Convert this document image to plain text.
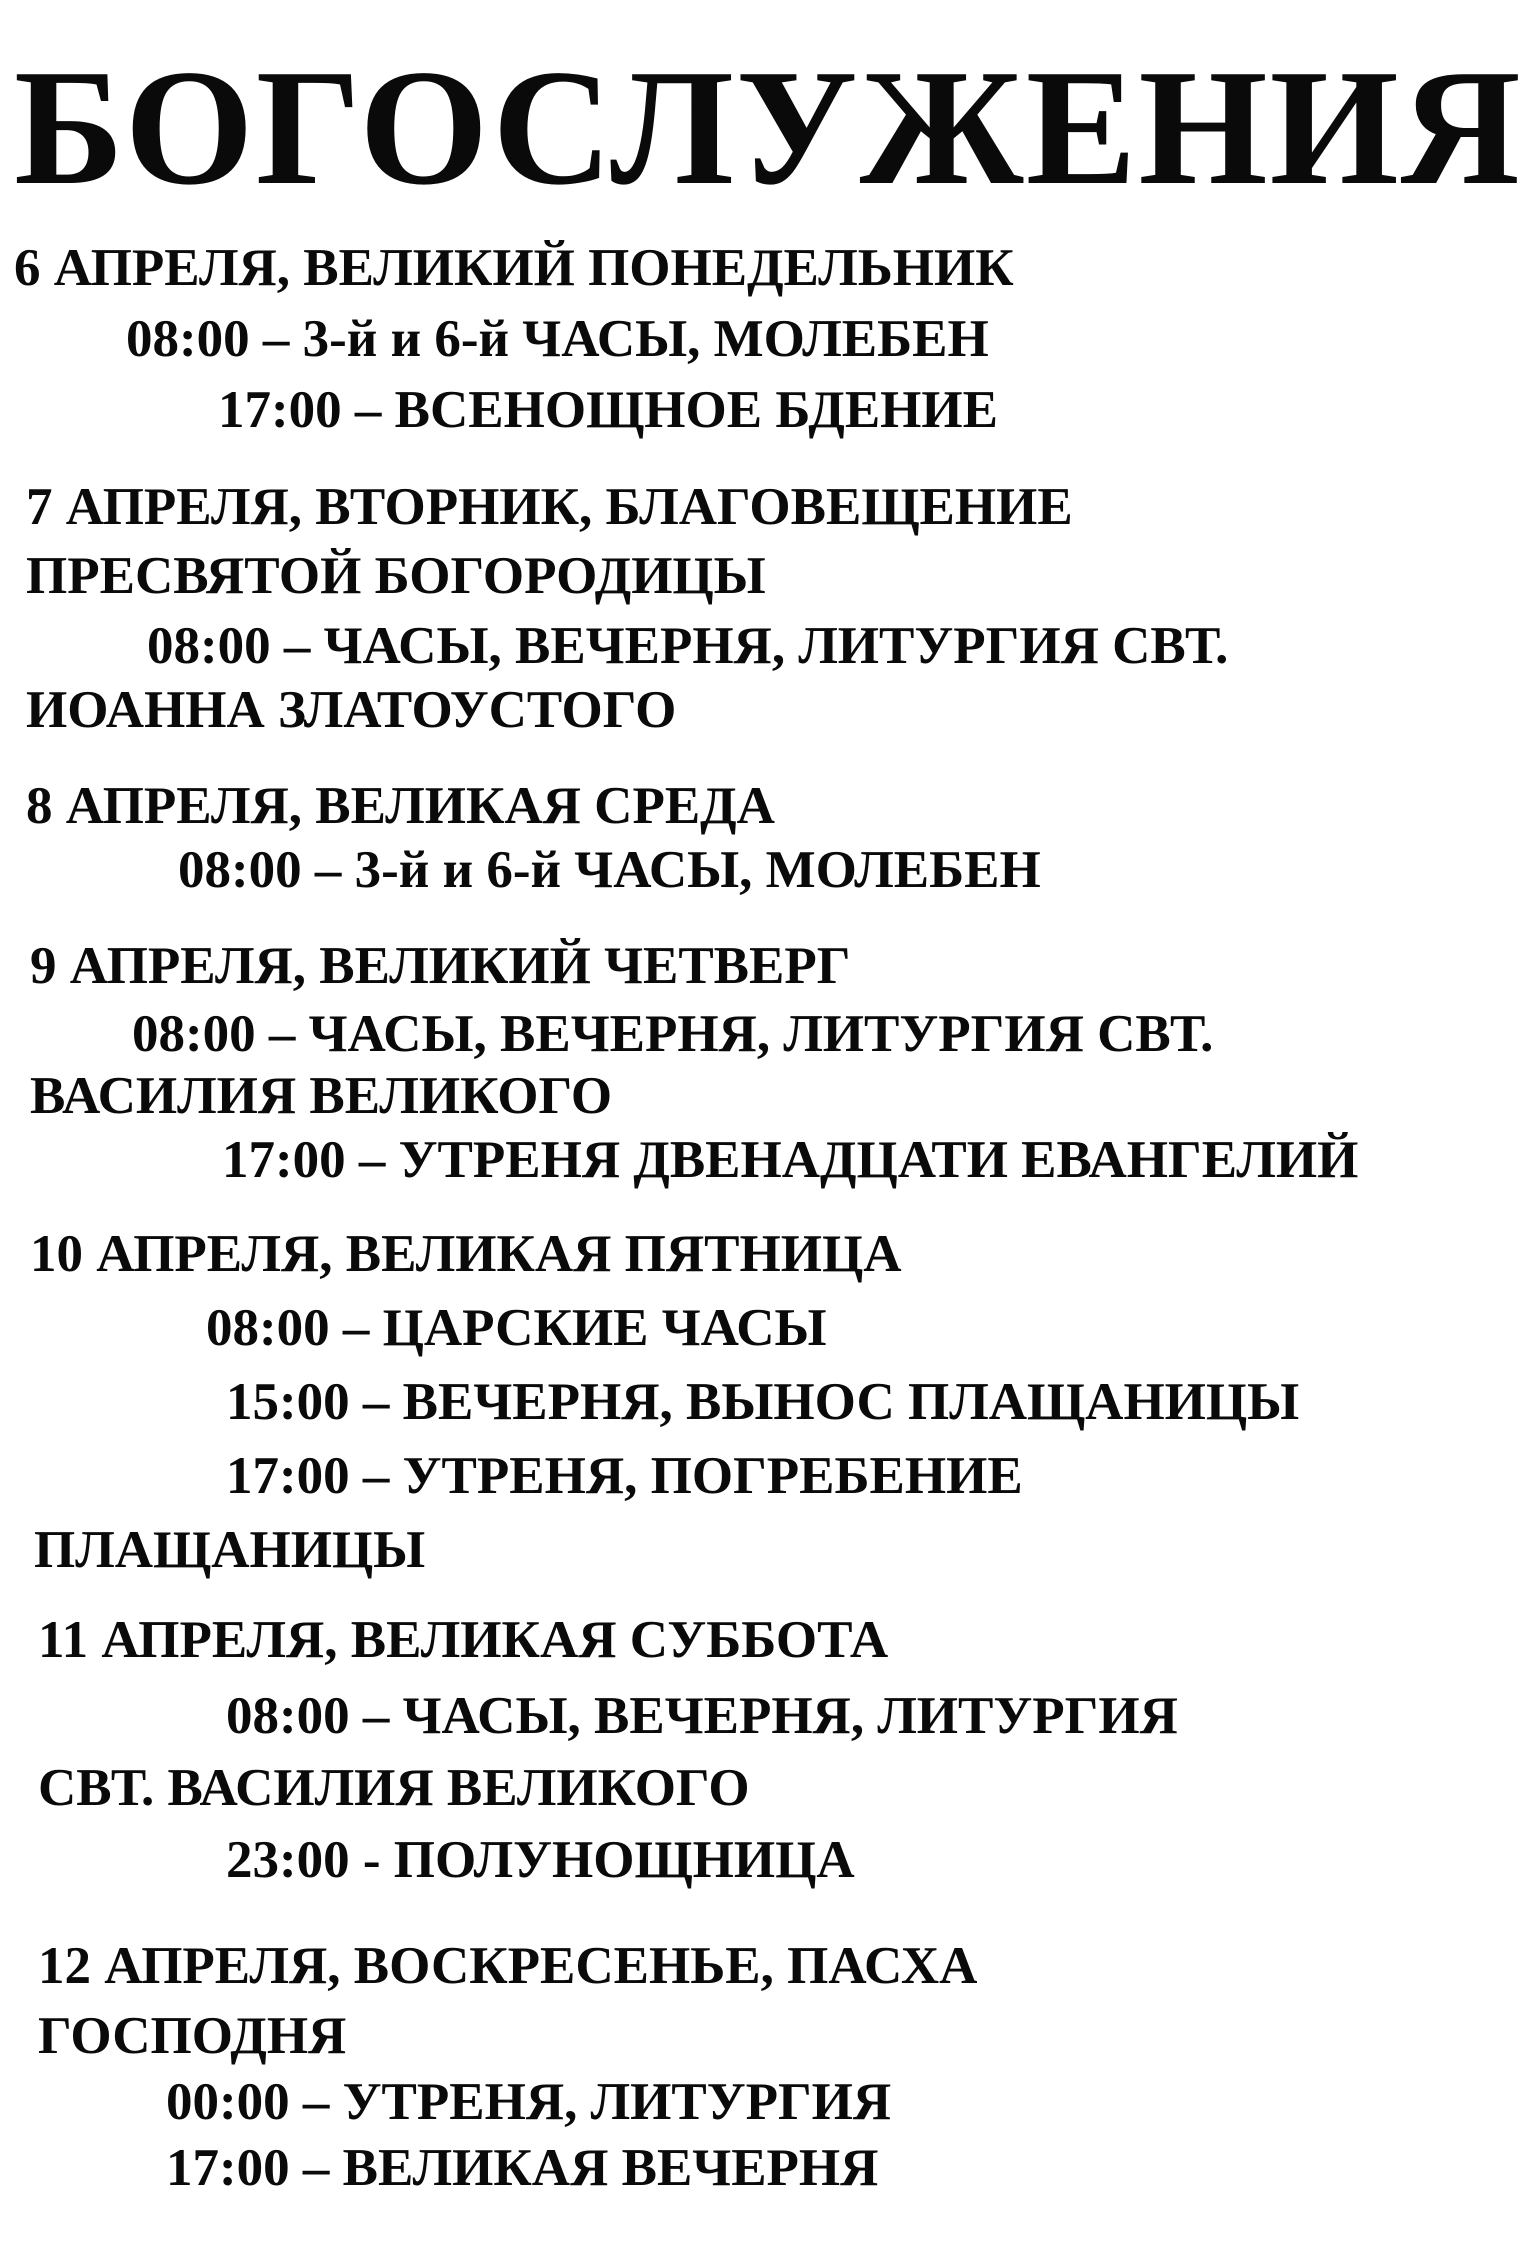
БОГОСЛУЖЕНИЯ
6 АПРЕЛЯ, ВЕЛИКИЙ ПОНЕДЕЛЬНИК
08:00 – 3-й и 6-й ЧАСЫ, МОЛЕБЕН
17:00 – ВСЕНОЩНОЕ БДЕНИЕ
7 АПРЕЛЯ, ВТОРНИК, БЛАГОВЕЩЕНИЕ
ПРЕСВЯТОЙ БОГОРОДИЦЫ
08:00 – ЧАСЫ, ВЕЧЕРНЯ, ЛИТУРГИЯ СВТ.
ИОАННА ЗЛАТОУСТОГО
8 АПРЕЛЯ, ВЕЛИКАЯ СРЕДА
08:00 – 3-й и 6-й ЧАСЫ, МОЛЕБЕН
9 АПРЕЛЯ, ВЕЛИКИЙ ЧЕТВЕРГ
08:00 – ЧАСЫ, ВЕЧЕРНЯ, ЛИТУРГИЯ СВТ.
ВАСИЛИЯ ВЕЛИКОГО
17:00 – УТРЕНЯ ДВЕНАДЦАТИ ЕВАНГЕЛИЙ
10 АПРЕЛЯ, ВЕЛИКАЯ ПЯТНИЦА
08:00 – ЦАРСКИЕ ЧАСЫ
15:00 – ВЕЧЕРНЯ, ВЫНОС ПЛАЩАНИЦЫ
17:00 – УТРЕНЯ, ПОГРЕБЕНИЕ
ПЛАЩАНИЦЫ
11 АПРЕЛЯ, ВЕЛИКАЯ СУББОТА
08:00 – ЧАСЫ, ВЕЧЕРНЯ, ЛИТУРГИЯ
СВТ. ВАСИЛИЯ ВЕЛИКОГО
23:00 - ПОЛУНОЩНИЦА
12 АПРЕЛЯ, ВОСКРЕСЕНЬЕ, ПАСХА
ГОСПОДНЯ
00:00 – УТРЕНЯ, ЛИТУРГИЯ
17:00 – ВЕЛИКАЯ ВЕЧЕРНЯ
